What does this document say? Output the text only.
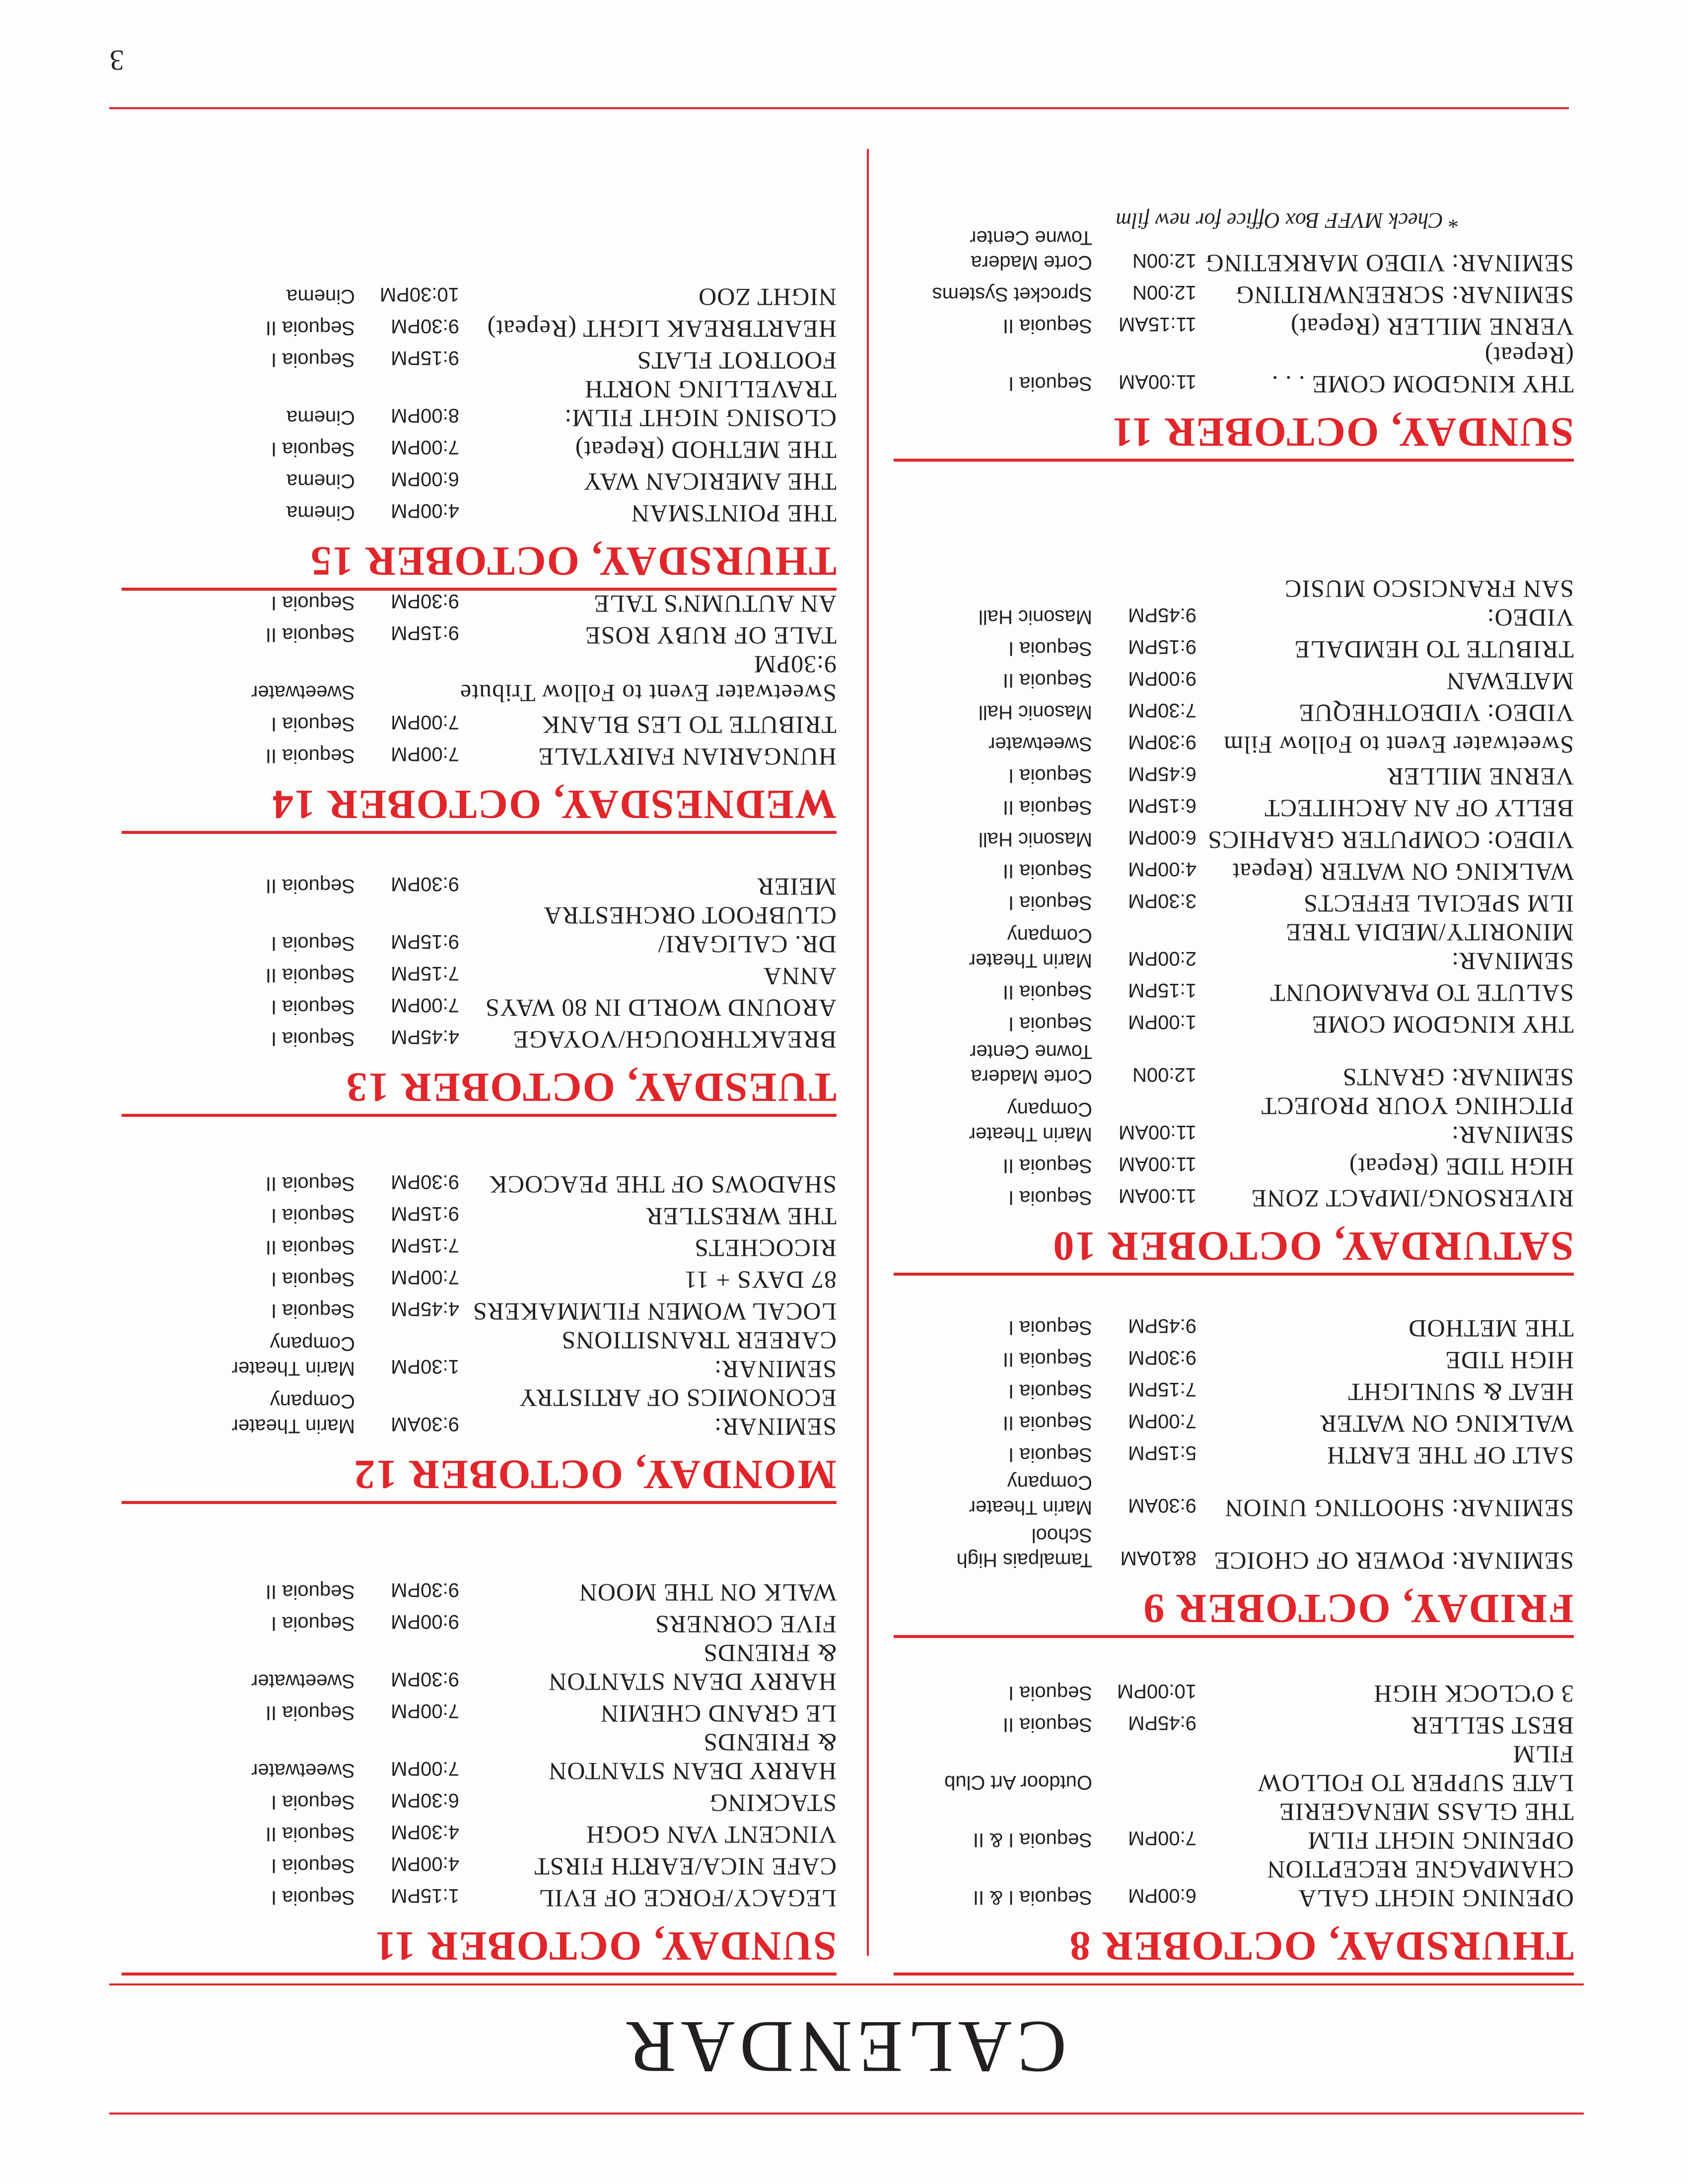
CALENDAR
THURSDAY, OCTOBER 8
OPENING NIGHT GALA
CHAMPAGNE RECEPTION
6:00PM
Sequoia I & II
OPENING NIGHT FILM
THE GLASS MENAGERIE
7:00PM
Sequoia I & II
LATE SUPPER TO FOLLOW FILM
Outdoor Art Club
BEST SELLER
9:45PM
Sequoia II
3 O'CLOCK HIGH
10:00PM
Sequoia I
FRIDAY, OCTOBER 9
SEMINAR: POWER OF CHOICE
8&10AM
Tamalpais High
School
SEMINAR: SHOOTING UNION
9:30AM
Marin Theater
Company
SALT OF THE EARTH
5:15PM
Sequoia I
WALKING ON WATER
7:00PM
Sequoia II
HEAT & SUNLIGHT
7:15PM
Sequoia I
HIGH TIDE
9:30PM
Sequoia II
THE METHOD
9:45PM
Sequoia I
SATURDAY, OCTOBER 10
RIVERSONG/IMPACT ZONE
11:00AM
Sequoia I
HIGH TIDE (Repeat)
11:00AM
Sequoia II
SEMINAR:
PITCHING YOUR PROJECT
11:00AM
Marin Theater
Company
SEMINAR: GRANTS
12:00N
Corte Madera
Towne Center
THY KINGDOM COME
1:00PM
Sequoia I
SALUTE TO PARAMOUNT
1:15PM
Sequoia II
SEMINAR:
MINORITY/MEDIA TREE
2:00PM
Marin Theater
Company
ILM SPECIAL EFFECTS
3:30PM
Sequoia I
WALKING ON WATER (Repeat
4:00PM
Sequoia II
VIDEO: COMPUTER GRAPHICS
6:00PM
Masonic Hall
BELLY OF AN ARCHITECT
6:15PM
Sequoia II
VERNE MILLER
6:45PM
Sequoia I
Sweetwater Event to Follow Film
9:30PM
Sweetwater
VIDEO: VIDEOTHEQUE
7:30PM
Masonic Hall
MATEWAN
9:00PM
Sequoia II
TRIBUTE TO HEMDALE
9:15PM
Sequoia I
VIDEO:
SAN FRANCISCO MUSIC
9:45PM
Masonic Hall
SUNDAY, OCTOBER 11
THY KINGDOM COME . . .
(Repeat)
11:00AM
Sequoia I
VERNE MILLER (Repeat)
11:15AM
Sequoia II
SEMINAR: SCREENWRITING
12:00N
Sprocket Systems
SEMINAR: VIDEO MARKETING
12:00N
Corte Madera
Towne Center
SUNDAY, OCTOBER 11
LEGACY/FORCE OF EVIL
1:15PM
Sequoia I
CAFE NICA/EARTH FIRST
4:00PM
Sequoia I
VINCENT VAN GOGH
4:30PM
Sequoia II
STACKING
6:30PM
Sequoia I
HARRY DEAN STANTON
& FRIENDS
7:00PM
Sweetwater
LE GRAND CHEMIN
7:00PM
Sequoia II
HARRY DEAN STANTON
& FRIENDS
9:30PM
Sweetwater
FIVE CORNERS
9:00PM
Sequoia I
WALK ON THE MOON
9:30PM
Sequoia II
MONDAY, OCTOBER 12
SEMINAR:
ECONOMICS OF ARTISTRY
9:30AM
Marin Theater
Company
SEMINAR:
CAREER TRANSITIONS
1:30PM
Marin Theater
Company
LOCAL WOMEN FILMMAKERS
4:45PM
Sequoia I
87 DAYS + 11
7:00PM
Sequoia I
RICOCHETS
7:15PM
Sequoia II
THE WRESTLER
9:15PM
Sequoia I
SHADOWS OF THE PEACOCK
9:30PM
Sequoia II
TUESDAY, OCTOBER 13
BREAKTHROUGH/VOYAGE
4:45PM
Sequoia I
AROUND WORLD IN 80 WAYS
7:00PM
Sequoia I
ANNA
7:15PM
Sequoia II
DR. CALIGARI/
CLUBFOOT ORCHESTRA
9:15PM
Sequoia I
MEIER
9:30PM
Sequoia II
WEDNESDAY, OCTOBER 14
HUNGARIAN FAIRYTALE
7:00PM
Sequoia II
TRIBUTE TO LES BLANK
7:00PM
Sequoia I
Sweetwater Event to Follow Tribute 9:30PM
Sweetwater
TALE OF RUBY ROSE
9:15PM
Sequoia II
AN AUTUMN'S TALE
9:30PM
Sequoia I
THURSDAY, OCTOBER 15
THE POINTSMAN
4:00PM
Cinema
THE AMERICAN WAY
6:00PM
Cinema
THE METHOD (Repeat)
7:00PM
Sequoia I
CLOSING NIGHT FILM:
TRAVELLING NORTH
8:00PM
Cinema
FOOTROT FLATS
9:15PM
Sequoia I
HEARTBREAK LIGHT (Repeat)
9:30PM
Sequoia II
NIGHT ZOO
10:30PM
Cinema
* Check MVFF Box Office for new film
3
